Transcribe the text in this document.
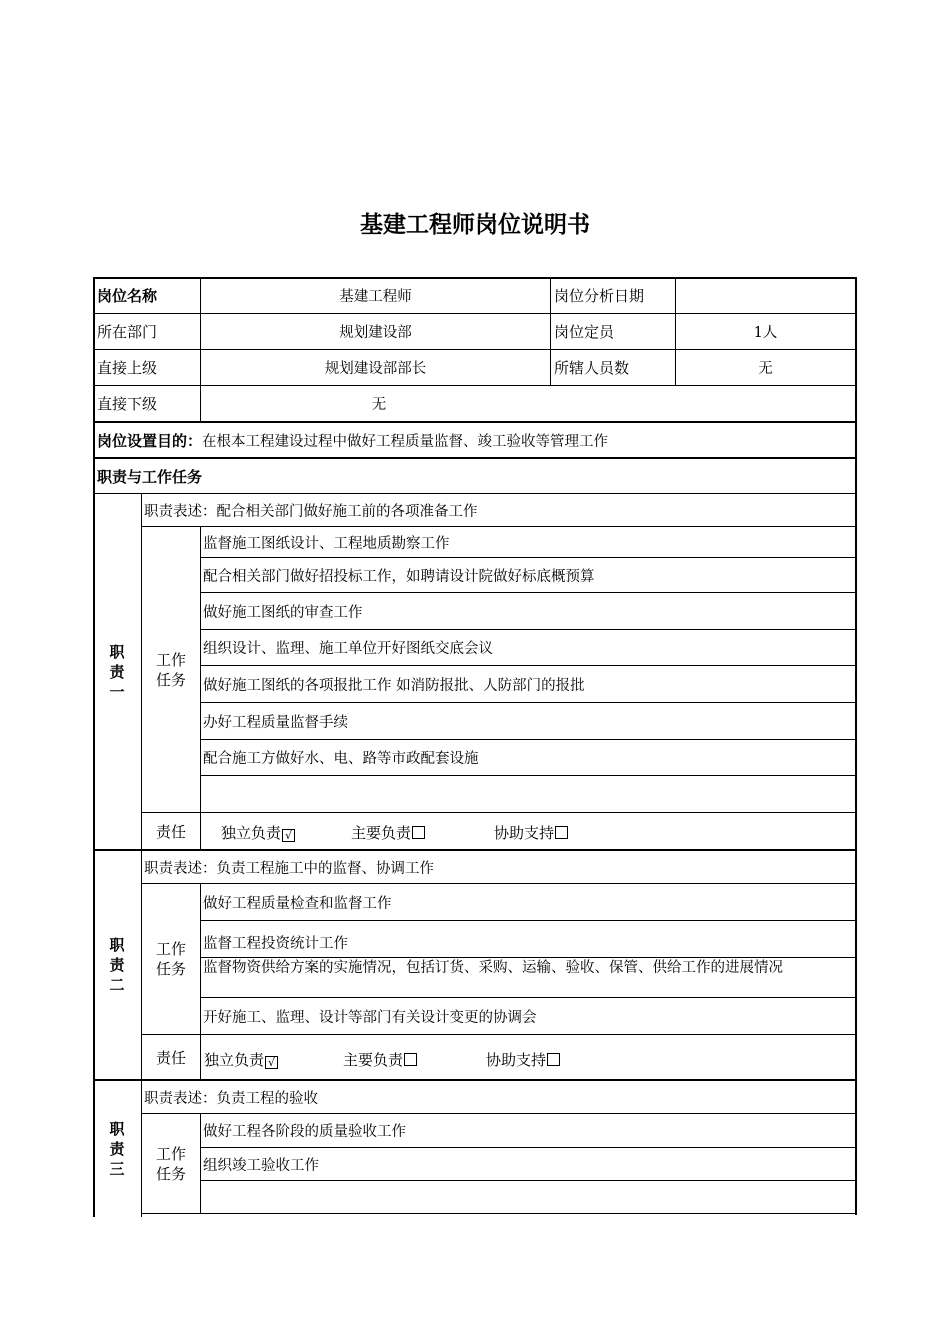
基建工程师岗位说明书
岗位名称	基建工程师	岗位分析日期
所在部门	规划建设部	岗位定员	1人
直接上级	规划建设部部长	所辖人员数	无
直接下级	无
岗位设置目的： 在根本工程建设过程中做好工程质量监督、竣工验收等管理工作
职责与工作任务
职
责
一
职责表述：配合相关部门做好施工前的各项准备工作
工作
任务
监督施工图纸设计、工程地质勘察工作
配合相关部门做好招投标工作，如聘请设计院做好标底概预算
做好施工图纸的审查工作
组织设计、监理、施工单位开好图纸交底会议
做好施工图纸的各项报批工作 如消防报批、人防部门的报批
办好工程质量监督手续
配合施工方做好水、电、路等市政配套设施
责任	独立负责 √	主要负责	协助支持
职
责
二
职责表述：负责工程施工中的监督、协调工作
工作
任务
做好工程质量检查和监督工作
监督工程投资统计工作
监督物资供给方案的实施情况，包括订货、采购、运输、验收、保管、供给工作的进展情况
开好施工、监理、设计等部门有关设计变更的协调会
责任	独立负责 √	主要负责	协助支持
职
责
三
职责表述：负责工程的验收
工作
任务
做好工程各阶段的质量验收工作
组织竣工验收工作
